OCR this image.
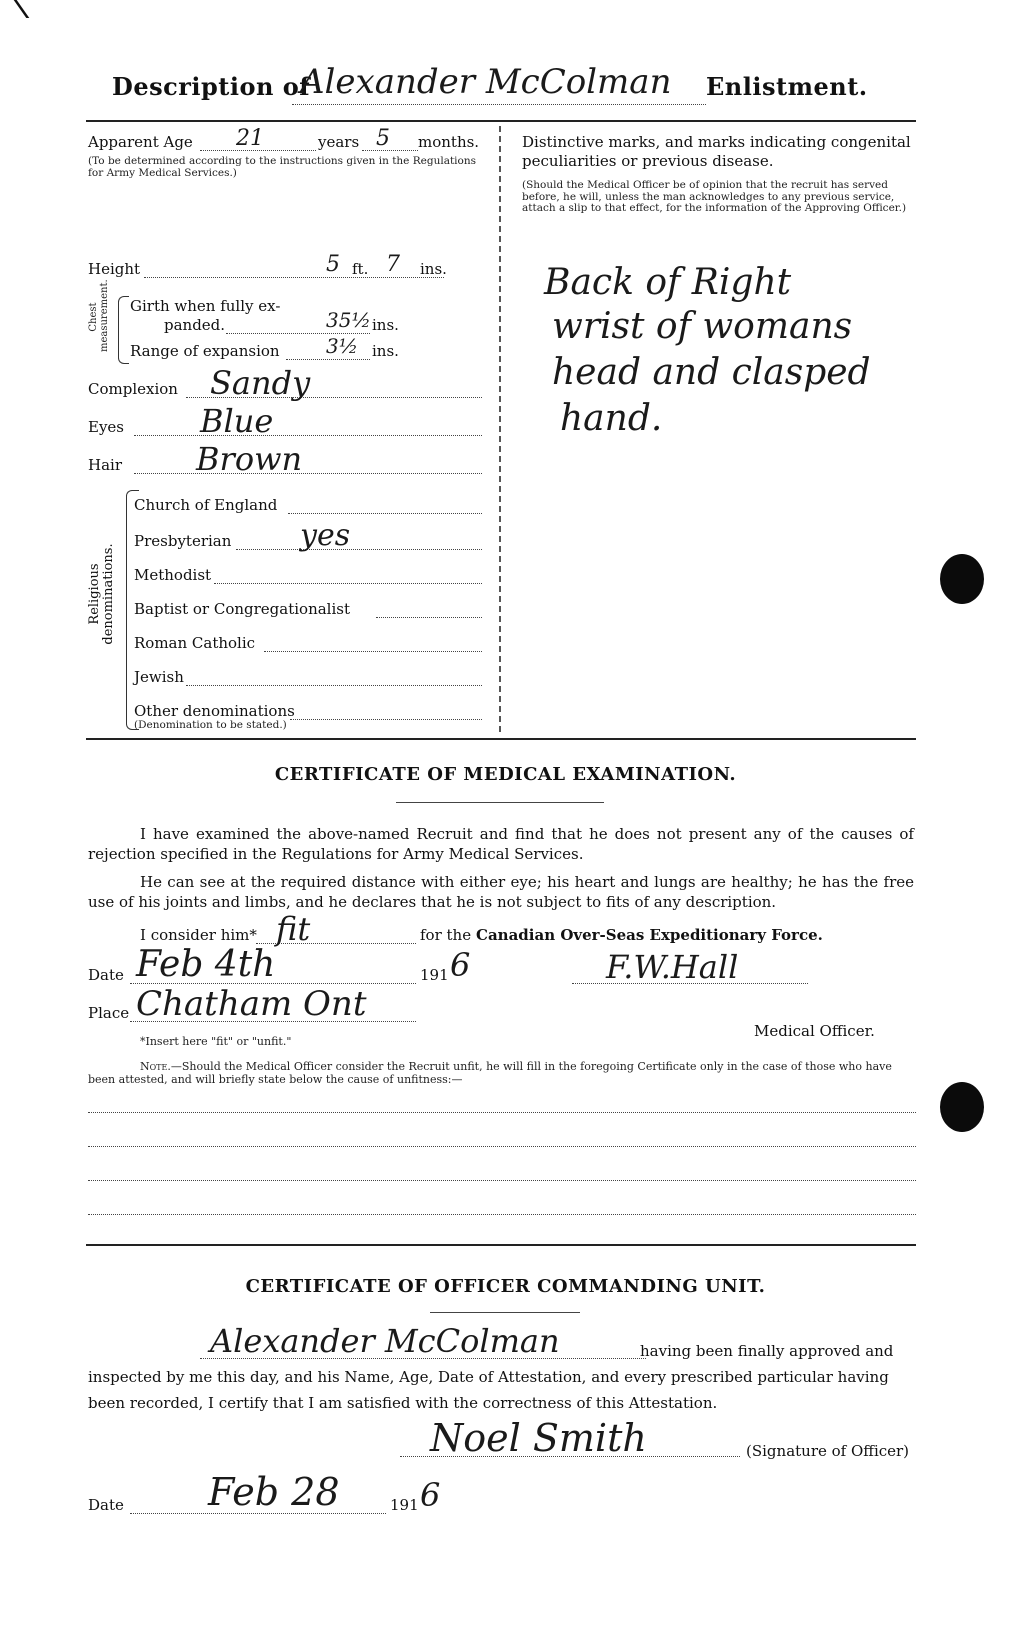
Description of
Alexander McColman Enlistment.
Apparent Age 21	years 5 months.
(To be determined according to the instructions given in the Regulations for Army Medical Services.)
Height	5 ft. 7 ins.
Chest measurement. Girth when fully ex-
panded.	35½ ins.
Range of expansion 3½ ins.
Complexion Sandy
Eyes Blue
Hair Brown
Religious denominations.
Church of England
Presbyterian yes
Methodist
Baptist or Congregationalist
Roman Catholic
Jewish
Other denominations
(Denomination to be stated.)
Distinctive marks, and marks indicating congenital
peculiarities or previous disease.
(Should the Medical Officer be of opinion that the recruit has served before, he will, unless the man acknowledges to any previous service, attach a slip to that effect, for the information of the Approving Officer.)
Back of Right
wrist of womans
head and clasped
hand.
CERTIFICATE OF MEDICAL EXAMINATION.
I have examined the above-named Recruit and find that he does not present any of the causes of rejection specified in the Regulations for Army Medical Services.
He can see at the required distance with either eye; his heart and lungs are healthy; he has the free use of his joints and limbs, and he declares that he is not subject to fits of any description.
I consider him* fit	for the Canadian Over-Seas Expeditionary Force.
Date Feb 4th	191 6	F.W.Hall
Place Chatham Ont
Medical Officer.
*Insert here "fit" or "unfit."
Note.—Should the Medical Officer consider the Recruit unfit, he will fill in the foregoing Certificate only in the case of those who have been attested, and will briefly state below the cause of unfitness:—
CERTIFICATE OF OFFICER COMMANDING UNIT.
Alexander McColman	having been finally approved and
inspected by me this day, and his Name, Age, Date of Attestation, and every prescribed particular having
been recorded, I certify that I am satisfied with the correctness of this Attestation.
Noel Smith	(Signature of Officer)
Date Feb 28	191 6
